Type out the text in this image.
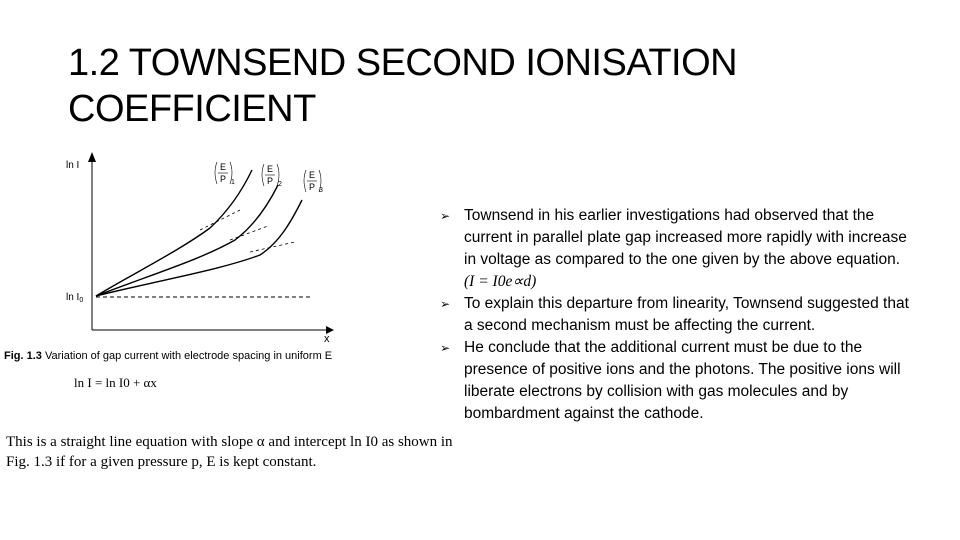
1.2 TOWNSEND SECOND IONISATION
COEFFICIENT
ln I
$\ln I_0$
x
E
P 1
E
P 2
E
P 3
Fig. 1.3 Variation of gap current with electrode spacing in uniform E
ln I = ln I0 + αx
This is a straight line equation with slope α and intercept ln I0 as shown in Fig. 1.3 if for a given pressure p, E is kept constant.
➢ Townsend in his earlier investigations had observed that the current in parallel plate gap increased more rapidly with increase in voltage as compared to the one given by the above equation.(I = I0e∝d)
➢ To explain this departure from linearity, Townsend suggested that a second mechanism must be affecting the current.
➢ He conclude that the additional current must be due to the presence of positive ions and the photons. The positive ions will liberate electrons by collision with gas molecules and by bombardment against the cathode.
